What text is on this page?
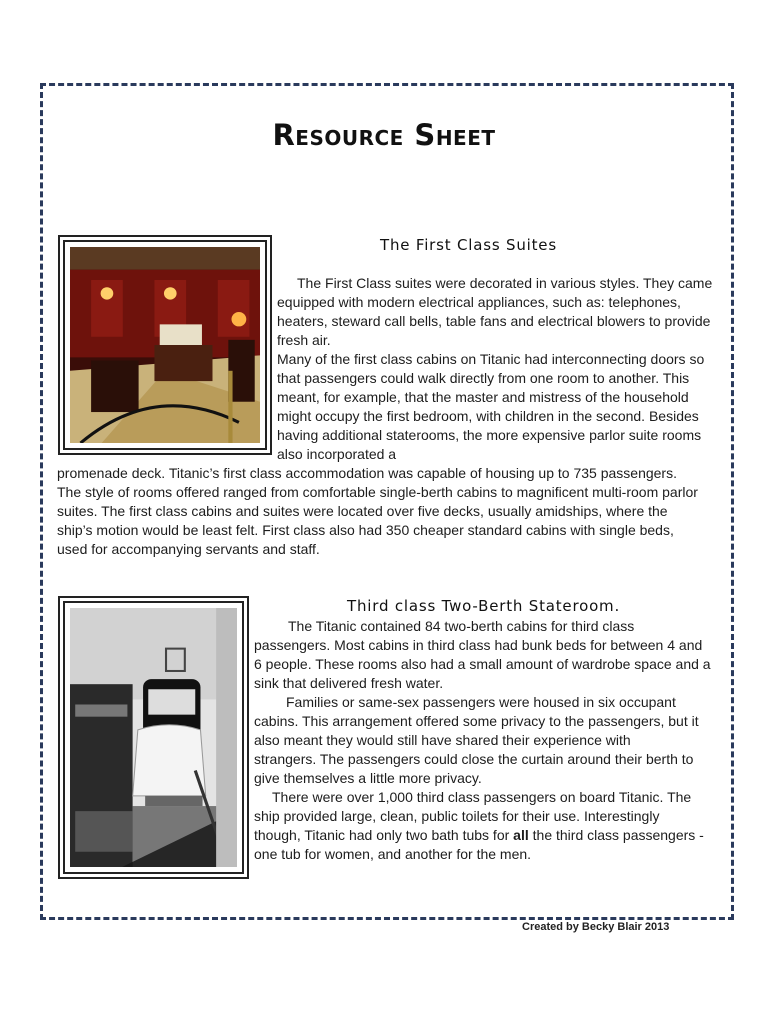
Resource Sheet
The First Class Suites

The First Class suites were decorated in various styles. They came

equipped with modern electrical appliances, such as: telephones,

heaters, steward call bells, table fans and electrical blowers to provide

fresh air.

Many of the first class cabins on Titanic had interconnecting doors so

that passengers could walk directly from one room to another. This

meant, for example, that the master and mistress of the household

might occupy the first bedroom, with children in the second. Besides

having additional staterooms, the more expensive parlor suite rooms

also incorporated a

promenade deck. Titanic’s first class accommodation was capable of housing up to 735 passengers.

The style of rooms offered ranged from comfortable single-berth cabins to magnificent multi-room parlor

suites. The first class cabins and suites were located over five decks, usually amidships, where the

ship’s motion would be least felt. First class also had 350 cheaper standard cabins with single beds,

used for accompanying servants and staff.

Third class Two-Berth Stateroom.

The Titanic contained 84 two-berth cabins for third class

passengers. Most cabins in third class had bunk beds for between 4 and

6 people. These rooms also had a small amount of wardrobe space and a

sink that delivered fresh water.

Families or same-sex passengers were housed in six occupant

cabins. This arrangement offered some privacy to the passengers, but it

also meant they would still have shared their experience with

strangers. The passengers could close the curtain around their berth to

give themselves a little more privacy.

There were over 1,000 third class passengers on board Titanic. The

ship provided large, clean, public toilets for their use. Interestingly

though, Titanic had only two bath tubs for all the third class passengers -

one tub for women, and another for the men.

Created by Becky Blair 2013
